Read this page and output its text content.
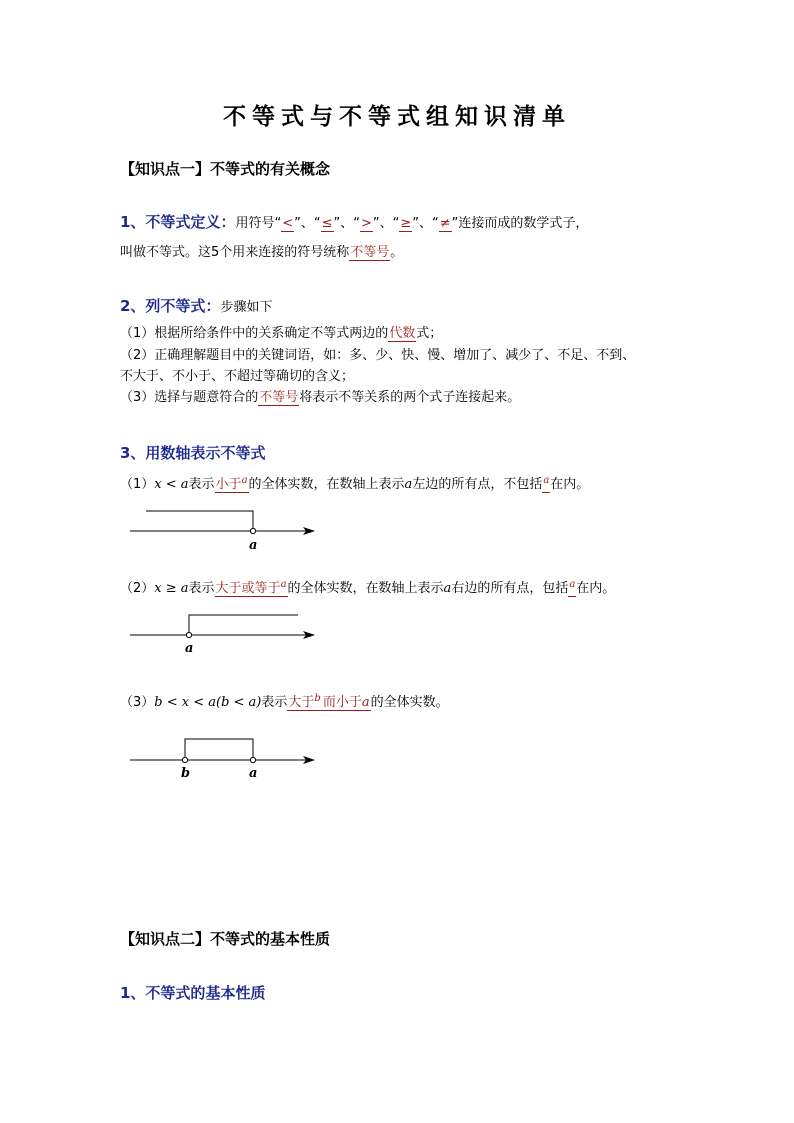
不等式与不等式组知识清单
【知识点一】不等式的有关概念
1、不等式定义：用符号“<”、“≤”、“>”、“≥”、“≠”连接而成的数学式子，
叫做不等式。这5个用来连接的符号统称不等号。
2、列不等式：步骤如下
（1）根据所给条件中的关系确定不等式两边的代数式；
（2）正确理解题目中的关键词语，如：多、少、快、慢、增加了、减少了、不足、不到、
不大于、不小于、不超过等确切的含义；
（3）选择与题意符合的不等号将表示不等关系的两个式子连接起来。
3、用数轴表示不等式
（1）x < a表示小于$^a$的全体实数，在数轴上表示a左边的所有点，不包括$^a$在内。
（2）x ≥ a表示大于或等于$^a$的全体实数，在数轴上表示a右边的所有点，包括$^a$在内。
（3）b < x < a(b < a)表示大于$^b$ 而小于a的全体实数。
a
a
b	a
【知识点二】不等式的基本性质
1、不等式的基本性质
